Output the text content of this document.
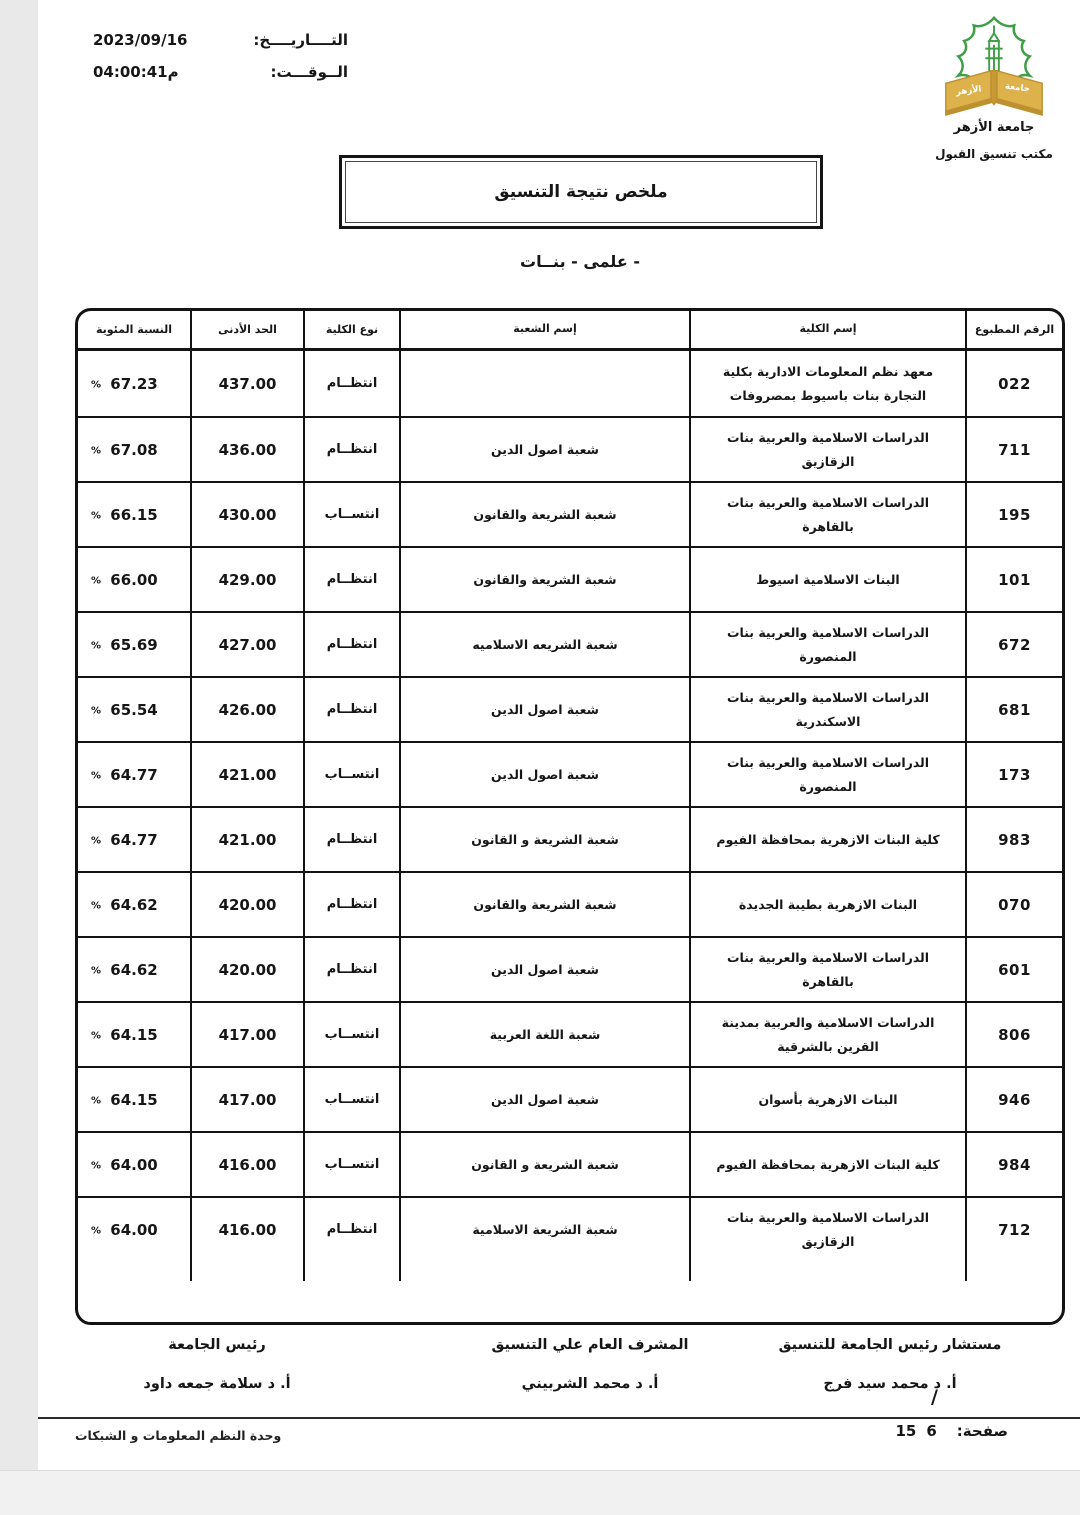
التــــاريــــخ:
2023/09/16
الــوقـــت:
م04:00:41
جامعة
الأزهر
جامعة الأزهر
مكتب تنسيق القبول
ملخص نتيجة التنسيق
- علمى - بنــات
الرقم المطبوع
إسم الكلية
إسم الشعبة
نوع الكلية
الحد الأدنى
النسبة المئوية
022
معهد نظم المعلومات الادارية بكلية التجارة بنات باسيوط بمصروفات
انتظــام
437.00
% 67.23
711
الدراسات الاسلامية والعربية بنات الزقازيق
شعبة اصول الدين
انتظــام
436.00
% 67.08
195
الدراسات الاسلامية والعربية بنات بالقاهرة
شعبة الشريعة والقانون
انتســاب
430.00
% 66.15
101
البنات الاسلامية اسيوط
شعبة الشريعة والقانون
انتظــام
429.00
% 66.00
672
الدراسات الاسلامية والعربية بنات المنصورة
شعبة الشريعه الاسلاميه
انتظــام
427.00
% 65.69
681
الدراسات الاسلامية والعربية بنات الاسكندرية
شعبة اصول الدين
انتظــام
426.00
% 65.54
173
الدراسات الاسلامية والعربية بنات المنصورة
شعبة اصول الدين
انتســاب
421.00
% 64.77
983
كلية البنات الازهرية بمحافظة الفيوم
شعبة الشريعة و القانون
انتظــام
421.00
% 64.77
070
البنات الازهرية بطيبة الجديدة
شعبة الشريعة والقانون
انتظــام
420.00
% 64.62
601
الدراسات الاسلامية والعربية بنات بالقاهرة
شعبة اصول الدين
انتظــام
420.00
% 64.62
806
الدراسات الاسلامية والعربية بمدينة القرين بالشرقية
شعبة اللغة العربية
انتســاب
417.00
% 64.15
946
البنات الازهرية بأسوان
شعبة اصول الدين
انتســاب
417.00
% 64.15
984
كلية البنات الازهرية بمحافظة الفيوم
شعبة الشريعة و القانون
انتســاب
416.00
% 64.00
712
الدراسات الاسلامية والعربية بنات الزقازيق
شعبة الشريعة الاسلامية
انتظــام
416.00
% 64.00
مستشار رئيس الجامعة للتنسيق
أ. د محمد سيد فرج
المشرف العام علي التنسيق
أ. د محمد الشربيني
رئيس الجامعة
أ. د سلامة جمعه داود
/
صفحة:
15 6
وحدة النظم المعلومات و الشبكات
